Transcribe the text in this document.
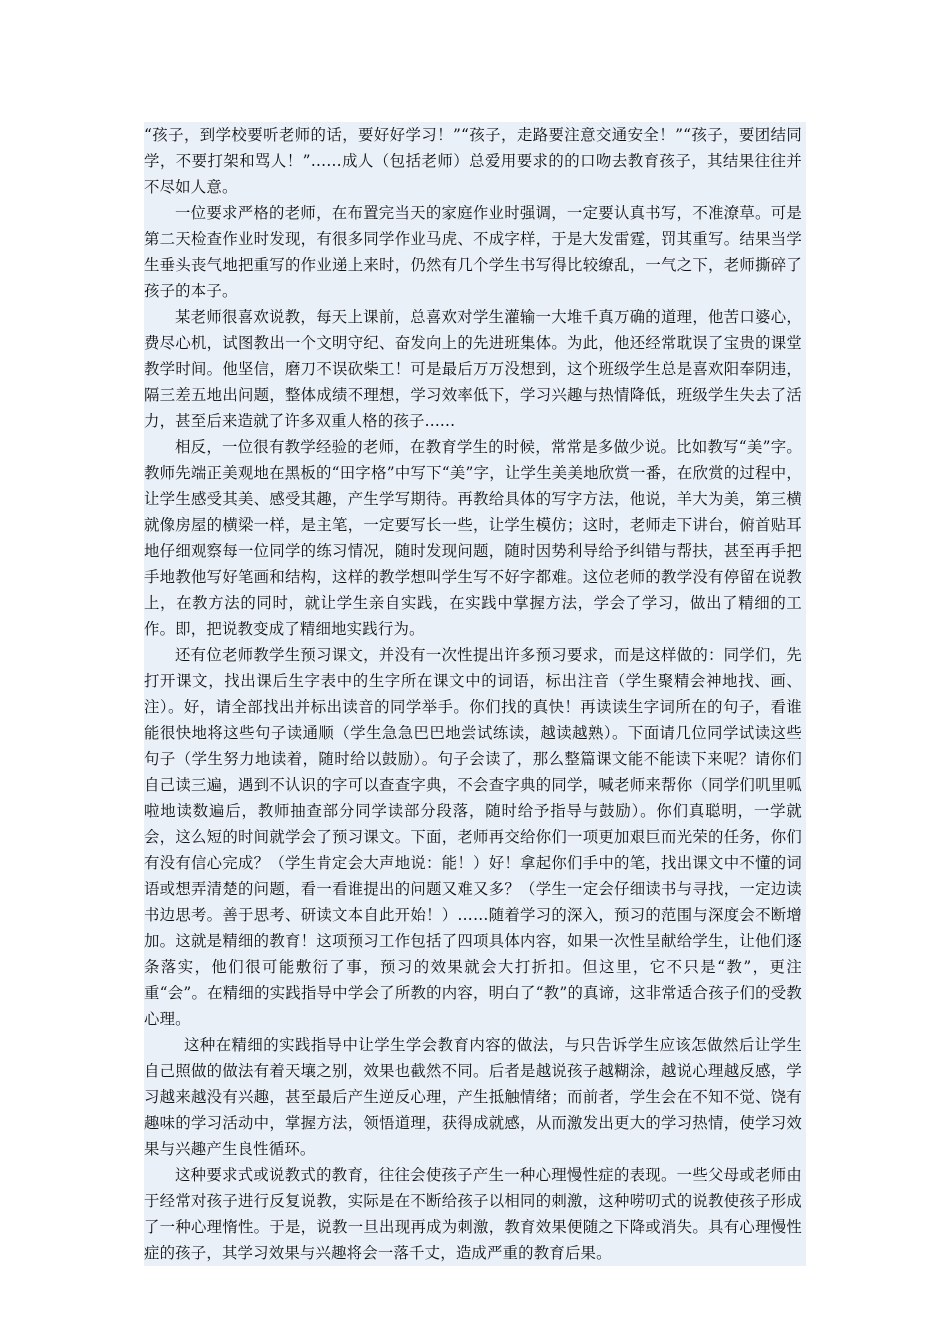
“孩子，到学校要听老师的话，要好好学习！”“孩子，走路要注意交通安全！”“孩子，要团结同学，不要打架和骂人！”……成人（包括老师）总爱用要求的的口吻去教育孩子，其结果往往并不尽如人意。

一位要求严格的老师，在布置完当天的家庭作业时强调，一定要认真书写，不准潦草。可是第二天检查作业时发现，有很多同学作业马虎、不成字样，于是大发雷霆，罚其重写。结果当学生垂头丧气地把重写的作业递上来时，仍然有几个学生书写得比较缭乱，一气之下，老师撕碎了孩子的本子。

某老师很喜欢说教，每天上课前，总喜欢对学生灌输一大堆千真万确的道理，他苦口婆心，费尽心机，试图教出一个文明守纪、奋发向上的先进班集体。为此，他还经常耽误了宝贵的课堂教学时间。他坚信，磨刀不误砍柴工！可是最后万万没想到，这个班级学生总是喜欢阳奉阴违，隔三差五地出问题，整体成绩不理想，学习效率低下，学习兴趣与热情降低，班级学生失去了活力，甚至后来造就了许多双重人格的孩子......

相反，一位很有教学经验的老师，在教育学生的时候，常常是多做少说。比如教写“美”字。教师先端正美观地在黑板的“田字格”中写下“美”字，让学生美美地欣赏一番，在欣赏的过程中，让学生感受其美、感受其趣，产生学写期待。再教给具体的写字方法，他说，羊大为美，第三横就像房屋的横梁一样，是主笔，一定要写长一些，让学生模仿；这时，老师走下讲台，俯首贴耳地仔细观察每一位同学的练习情况，随时发现问题，随时因势利导给予纠错与帮扶，甚至再手把手地教他写好笔画和结构，这样的教学想叫学生写不好字都难。这位老师的教学没有停留在说教上，在教方法的同时，就让学生亲自实践，在实践中掌握方法，学会了学习，做出了精细的工作。即，把说教变成了精细地实践行为。

还有位老师教学生预习课文，并没有一次性提出许多预习要求，而是这样做的：同学们，先打开课文，找出课后生字表中的生字所在课文中的词语，标出注音（学生聚精会神地找、画、注）。好，请全部找出并标出读音的同学举手。你们找的真快！再读读生字词所在的句子，看谁能很快地将这些句子读通顺（学生急急巴巴地尝试练读，越读越熟）。下面请几位同学试读这些句子（学生努力地读着，随时给以鼓励）。句子会读了，那么整篇课文能不能读下来呢？请你们自己读三遍，遇到不认识的字可以查查字典，不会查字典的同学，喊老师来帮你（同学们叽里呱啦地读数遍后，教师抽查部分同学读部分段落，随时给予指导与鼓励）。你们真聪明，一学就会，这么短的时间就学会了预习课文。下面，老师再交给你们一项更加艰巨而光荣的任务，你们有没有信心完成？（学生肯定会大声地说：能！）好！拿起你们手中的笔，找出课文中不懂的词语或想弄清楚的问题，看一看谁提出的问题又难又多？（学生一定会仔细读书与寻找，一定边读书边思考。善于思考、研读文本自此开始！）……随着学习的深入，预习的范围与深度会不断增加。这就是精细的教育！这项预习工作包括了四项具体内容，如果一次性呈献给学生，让他们逐条落实，他们很可能敷衍了事，预习的效果就会大打折扣。但这里，它不只是“教”，更注重“会”。在精细的实践指导中学会了所教的内容，明白了“教”的真谛，这非常适合孩子们的受教心理。

这种在精细的实践指导中让学生学会教育内容的做法，与只告诉学生应该怎做然后让学生自己照做的做法有着天壤之别，效果也截然不同。后者是越说孩子越糊涂，越说心理越反感，学习越来越没有兴趣，甚至最后产生逆反心理，产生抵触情绪；而前者，学生会在不知不觉、饶有趣味的学习活动中，掌握方法，领悟道理，获得成就感，从而激发出更大的学习热情，使学习效果与兴趣产生良性循环。

这种要求式或说教式的教育，往往会使孩子产生一种心理慢性症的表现。一些父母或老师由于经常对孩子进行反复说教，实际是在不断给孩子以相同的刺激，这种唠叨式的说教使孩子形成了一种心理惰性。于是，说教一旦出现再成为刺激，教育效果便随之下降或消失。具有心理慢性症的孩子，其学习效果与兴趣将会一落千丈，造成严重的教育后果。
